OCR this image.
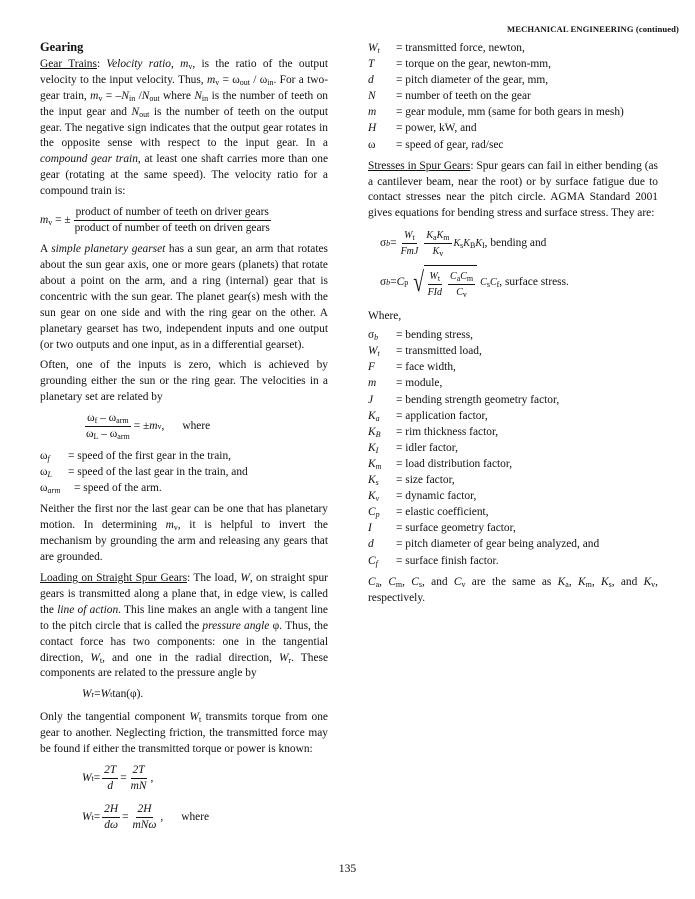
MECHANICAL ENGINEERING (continued)
Gearing

Gear Trains: Velocity ratio, $m_v$, is the ratio of the output velocity to the input velocity. Thus, $m_v = \omega_{out} / \omega_{in}$. For a two-gear train, $m_v = -N_{in}$ $/N_{out}$ where $N_{in}$ is the number of teeth on the input gear and $N_{out}$ is the number of teeth on the output gear. The negative sign indicates that the output gear rotates in the opposite sense with respect to the input gear. In a compound gear train, at least one shaft carries more than one gear (rotating at the same speed). The velocity ratio for a compound train is:

$m_v$ = ± $\frac{\text{product of number of teeth on driver gears}}{\text{product of number of teeth on driven gears}}$

A simple planetary gearset has a sun gear, an arm that rotates about the sun gear axis, one or more gears (planets) that rotate about a point on the arm, and a ring (internal) gear that is concentric with the sun gear. The planet gear(s) mesh with the sun gear on one side and with the ring gear on the other. A planetary gearset has two, independent inputs and one output (or two outputs and one input, as in a differential gearset).

Often, one of the inputs is zero, which is achieved by grounding either the sun or the ring gear. The velocities in a planetary set are related by

$\frac{\omega_f - \omega_{arm}}{\omega_L - \omega_{arm}}$ = ± m v , where
$\omega_f$	= speed of the first gear in the train,
$\omega_L$	= speed of the last gear in the train, and
$\omega_{arm}$	= speed of the arm.

Neither the first nor the last gear can be one that has planetary motion. In determining $m_v$, it is helpful to invert the mechanism by grounding the arm and releasing any gears that are grounded.

Loading on Straight Spur Gears: The load, W, on straight spur gears is transmitted along a plane that, in edge view, is called the line of action. This line makes an angle with a tangent line to the pitch circle that is called the pressure angle φ. Thus, the contact force has two components: one in the tangential direction, $W_t$, and one in the radial direction, $W_r$. These components are related to the pressure angle by

W r = W t tan(φ).

Only the tangential component $W_t$ transmits torque from one gear to another. Neglecting friction, the transmitted force may be found if either the transmitted torque or power is known:

W $t = \frac{2T}{d} = \frac{2T}{mN}$ ,
W $t = \frac{2H}{d\omega} = \frac{2H}{\text{mNω}}$ , where
$W_t$	= transmitted force, newton,
T	= torque on the gear, newton-mm,
d	= pitch diameter of the gear, mm,
N	= number of teeth on the gear
m	= gear module, mm (same for both gears in mesh)
H	= power, kW, and
ω	= speed of gear, rad/sec

Stresses in Spur Gears: Spur gears can fail in either bending (as a cantilever beam, near the root) or by surface fatigue due to contact stresses near the pitch circle. AGMA Standard 2001 gives equations for bending stress and surface stress. They are:

σ $b = \frac{W_t}{\text{FmJ}} \frac{K_aK_m}{K_v} K_sK_BK_I$ , bending and
σ b = C p √ $\frac{W_t}{\text{FId}} \frac{C_aC_m}{C_v} C_sC_f$ , surface stress.

Where,

$\sigma_b$	= bending stress,
$W_t$	= transmitted load,
F	= face width,
m	= module,
J	= bending strength geometry factor,
$K_a$	= application factor,
$K_B$	= rim thickness factor,
$K_I$	= idler factor,
$K_m$	= load distribution factor,
$K_s$	= size factor,
$K_v$	= dynamic factor,
$C_p$	= elastic coefficient,
I	= surface geometry factor,
d	= pitch diameter of gear being analyzed, and
$C_f$	= surface finish factor.

$C_a$, $C_m$, $C_s$, and $C_v$ are the same as $K_a$, $K_m$, $K_s$, and $K_v$, respectively.

135
